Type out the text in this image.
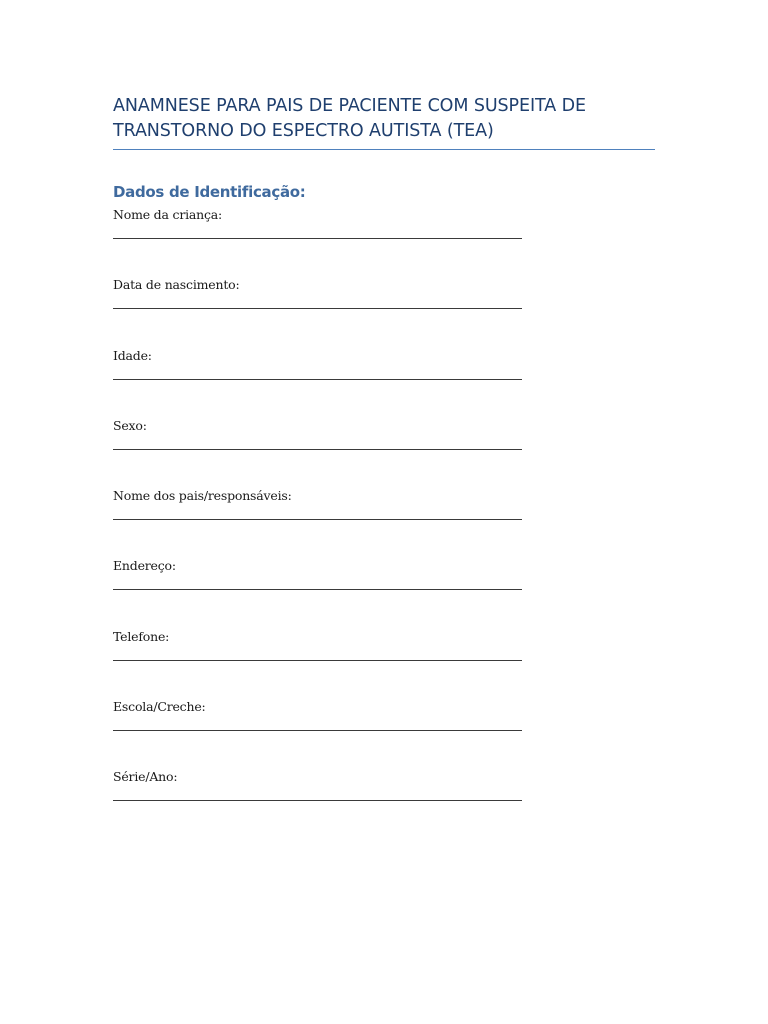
ANAMNESE PARA PAIS DE PACIENTE COM SUSPEITA DE TRANSTORNO DO ESPECTRO AUTISTA (TEA)
Dados de Identificação:
Nome da criança:
Data de nascimento:
Idade:
Sexo:
Nome dos pais/responsáveis:
Endereço:
Telefone:
Escola/Creche:
Série/Ano:
